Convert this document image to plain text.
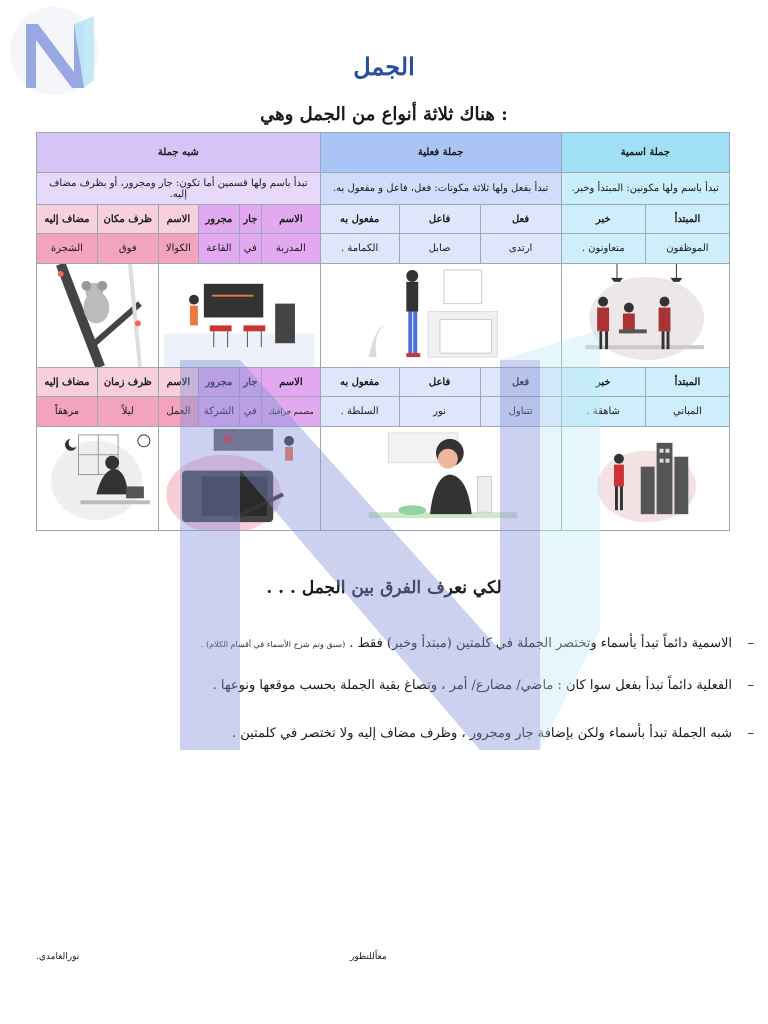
الجمل
هناك ثلاثة أنواع من الجمل وهي :
جملة اسمية		جملة فعلية			شبه جملة					
تبدأ باسم ولها مكونين: المبتدأ وخبر.		تبدأ بفعل ولها ثلاثة مكونات: فعل، فاعل و مفعول به.			تبدأ باسم ولها قسمين أما تكون: جار ومجرور، أو بظرف مضاف إليه.					
المبتدأ	خبر	فعل	فاعل	مفعول به	الاسم	جار	مجرور	الاسم	ظرف مكان	مضاف إليه
الموظفون	متعاونون .	ارتدى	صابل	الكمامة .	المدربة	في	القاعة	الكوالا	فوق	الشجرة

المبتدأ	خبر	فعل	فاعل	مفعول به	الاسم	جار	مجرور	الاسم	ظرف زمان	مضاف إليه
المباني	شاهقة .	تتناول	نور	السلطة .	مصمم جرافيك	في	الشركة	العمل	ليلاً	مرهقاً

لكي نعرف الفرق بين الجمل . . .
–
الاسمية دائماً تبدأ بأسماء وتختصر الجملة في كلمتين (مبتدأ وخبر) فقط . (سبق وتم شرح الأسماء في أقسام الكلام) .
–
الفعلية دائماً تبدأ بفعل سوا كان : ماضي/ مضارع/ أمر ، وتصاغ بقية الجملة بحسب موقعها ونوعها .
–
شبه الجملة تبدأ بأسماء ولكن بإضافة جار ومجرور ، وظرف مضاف إليه ولا تختصر في كلمتين .
معاًللتطور
نورالغامدي.
